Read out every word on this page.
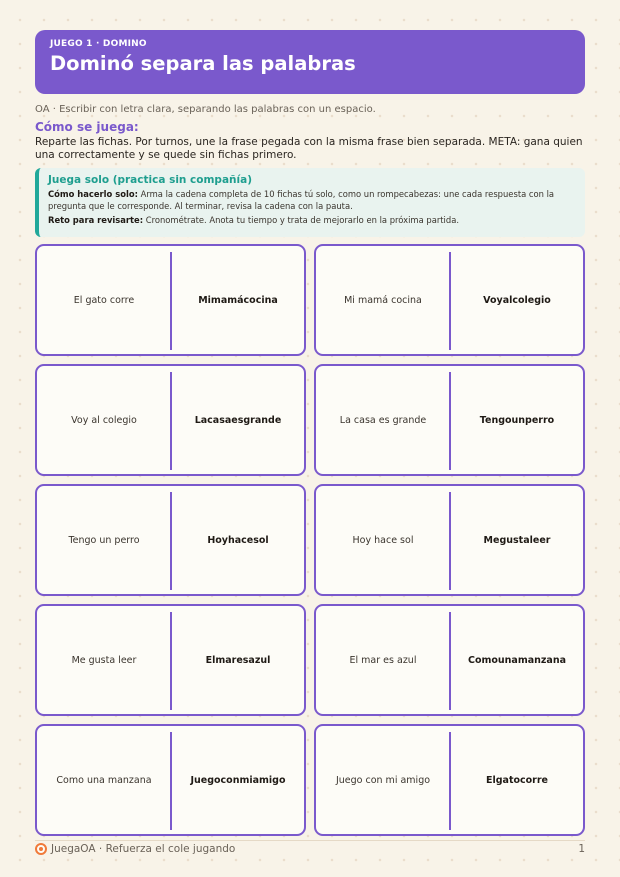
JUEGO 1 · DOMINO
Dominó separa las palabras
OA · Escribir con letra clara, separando las palabras con un espacio.
Cómo se juega:
Reparte las fichas. Por turnos, une la frase pegada con la misma frase bien separada. META: gana quien una correctamente y se quede sin fichas primero.
Juega solo (practica sin compañía)
Cómo hacerlo solo: Arma la cadena completa de 10 fichas tú solo, como un rompecabezas: une cada respuesta con la pregunta que le corresponde. Al terminar, revisa la cadena con la pauta.
Reto para revisarte: Cronométrate. Anota tu tiempo y trata de mejorarlo en la próxima partida.
El gato corre	Mimamácocina	Mi mamá cocina	Voyalcolegio
Voy al colegio	Lacasaesgrande	La casa es grande	Tengounperro
Tengo un perro	Hoyhacesol	Hoy hace sol	Megustaleer
Me gusta leer	Elmaresazul	El mar es azul	Comounamanzana
Como una manzana	Juegoconmiamigo	Juego con mi amigo	Elgatocorre
JuegaOA · Refuerza el cole jugando	1
